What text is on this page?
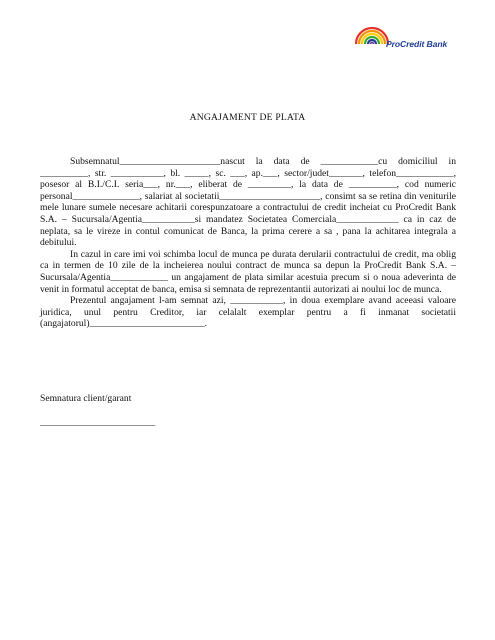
ProCredit Bank
ANGAJAMENT DE PLATA

Subsemnatul_____________________nascut la data de ____________cu domiciliul in __________, str. ___________, bl. _____, sc. ___, ap.___, sector/judet_______, telefon____________, posesor al B.I./C.I. seria___, nr.___, eliberat de _________, la data de __________, cod numeric personal______________, salariat al societatii_____________________, consimt sa se retina din veniturile mele lunare sumele necesare achitarii corespunzatoare a contractului de credit incheiat cu ProCredit Bank S.A. – Sucursala/Agentia___________si mandatez Societatea Comerciala_____________ ca in caz de neplata, sa le vireze in contul comunicat de Banca, la prima cerere a sa , pana la achitarea integrala a debitului.

In cazul in care imi voi schimba locul de munca pe durata derularii contractului de credit, ma oblig ca in termen de 10 zile de la incheierea noului contract de munca sa depun la ProCredit Bank S.A. – Sucursala/Agentia____________ un angajament de plata similar acestuia precum si o noua adeverinta de venit in formatul acceptat de banca, emisa si semnata de reprezentantii autorizati ai noului loc de munca.

Prezentul angajament l-am semnat azi, ___________, in doua exemplare avand aceeasi valoare juridica, unul pentru Creditor, iar celalalt exemplar pentru a fi inmanat societatii (angajatorul)________________________.

Semnatura client/garant
________________________
